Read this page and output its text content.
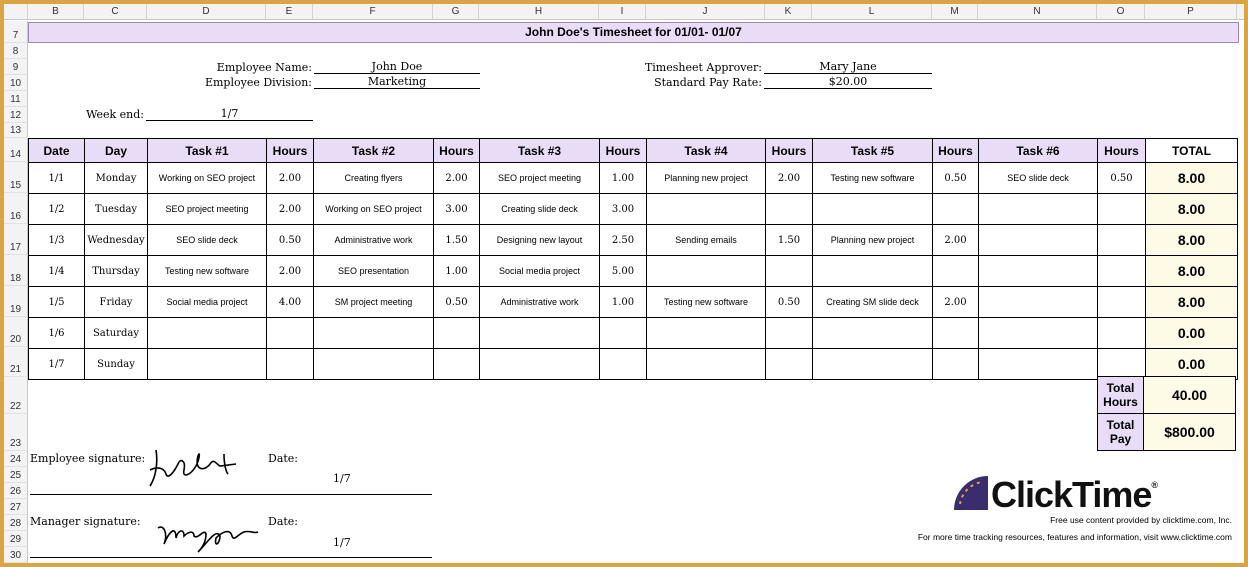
B	C	D	E	F	G	H	I	J	K	L	M	N	O	P
7
8
9
10
11
12
13
14
15
16
17
18
19
20
21
22
23
24
25
26
27
28
29
30
John Doe's Timesheet for 01/01- 01/07
Employee Name:	John Doe
Employee Division:	Marketing
Week end:	1/7
Timesheet Approver:	Mary Jane
Standard Pay Rate:	$20.00
Date	Day	Task #1	Hours	Task #2	Hours	Task #3	Hours	Task #4	Hours	Task #5	Hours	Task #6	Hours	TOTAL
1/1	Monday	Working on SEO project	2.00	Creating flyers	2.00	SEO project meeting	1.00	Planning new project	2.00	Testing new software	0.50	SEO slide deck	0.50	8.00
1/2	Tuesday	SEO project meeting	2.00	Working on SEO project	3.00	Creating slide deck	3.00							8.00
1/3	Wednesday	SEO slide deck	0.50	Administrative work	1.50	Designing new layout	2.50	Sending emails	1.50	Planning new project	2.00			8.00
1/4	Thursday	Testing new software	2.00	SEO presentation	1.00	Social media project	5.00							8.00
1/5	Friday	Social media project	4.00	SM project meeting	0.50	Administrative work	1.00	Testing new software	0.50	Creating SM slide deck	2.00			8.00
1/6	Saturday													0.00
1/7	Sunday													0.00
Total Hours	40.00
Total Pay	$800.00
Employee signature:	Date:
1/7
Manager signature:	Date:
1/7
ClickTime®
Free use content provided by clicktime.com, Inc.
For more time tracking resources, features and information, visit www.clicktime.com
